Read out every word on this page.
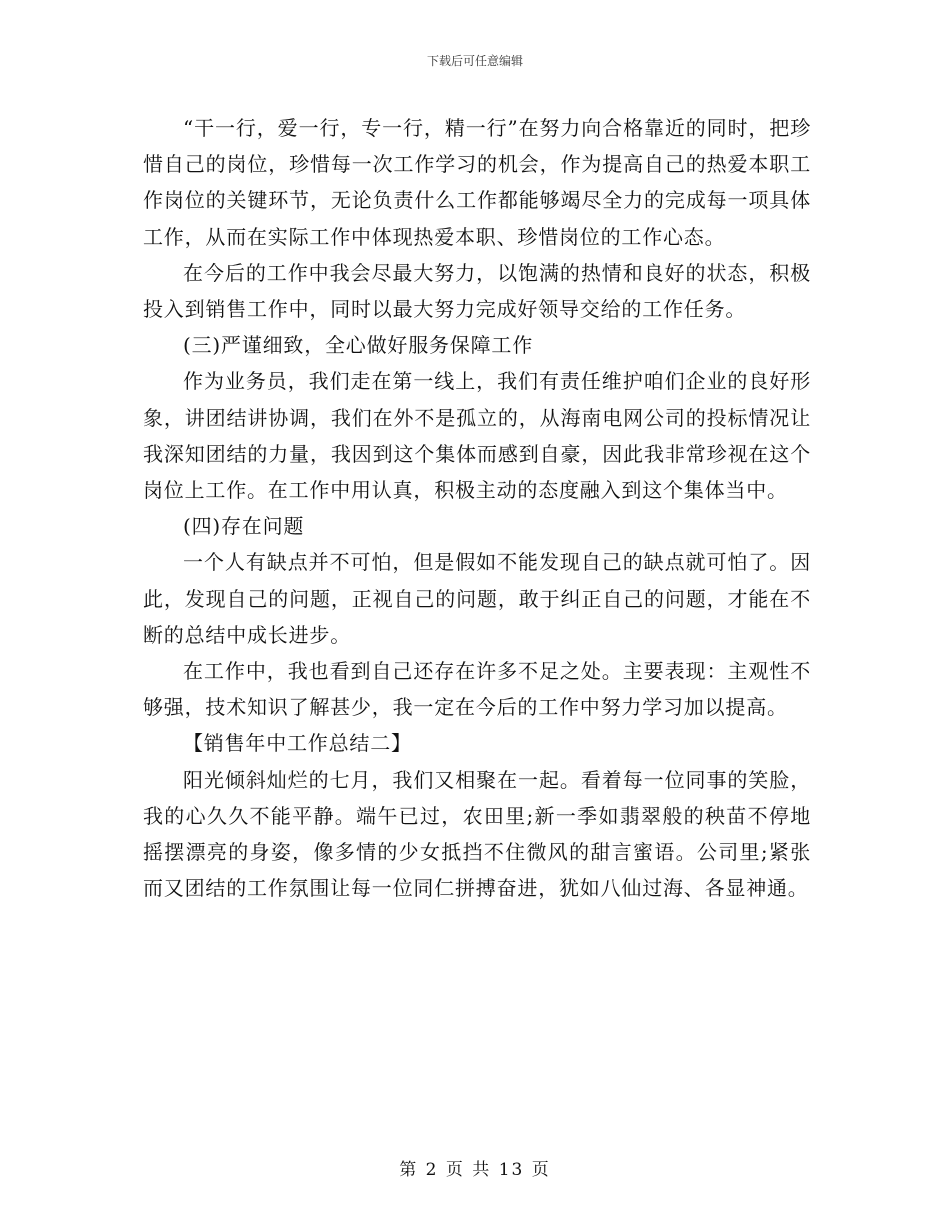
下载后可任意编辑

“干一行，爱一行，专一行，精一行”在努力向合格靠近的同时，把珍惜自己的岗位，珍惜每一次工作学习的机会，作为提高自己的热爱本职工作岗位的关键环节，无论负责什么工作都能够竭尽全力的完成每一项具体工作，从而在实际工作中体现热爱本职、珍惜岗位的工作心态。

在今后的工作中我会尽最大努力，以饱满的热情和良好的状态，积极投入到销售工作中，同时以最大努力完成好领导交给的工作任务。

(三)严谨细致，全心做好服务保障工作

作为业务员，我们走在第一线上，我们有责任维护咱们企业的良好形象，讲团结讲协调，我们在外不是孤立的，从海南电网公司的投标情况让我深知团结的力量，我因到这个集体而感到自豪，因此我非常珍视在这个岗位上工作。在工作中用认真，积极主动的态度融入到这个集体当中。

(四)存在问题

一个人有缺点并不可怕，但是假如不能发现自己的缺点就可怕了。因此，发现自己的问题，正视自己的问题，敢于纠正自己的问题，才能在不断的总结中成长进步。

在工作中，我也看到自己还存在许多不足之处。主要表现：主观性不够强，技术知识了解甚少，我一定在今后的工作中努力学习加以提高。

【销售年中工作总结二】

阳光倾斜灿烂的七月，我们又相聚在一起。看着每一位同事的笑脸，我的心久久不能平静。端午已过，农田里;新一季如翡翠般的秧苗不停地摇摆漂亮的身姿，像多情的少女抵挡不住微风的甜言蜜语。公司里;紧张而又团结的工作氛围让每一位同仁拼搏奋进，犹如八仙过海、各显神通。

第 2 页 共 13 页
